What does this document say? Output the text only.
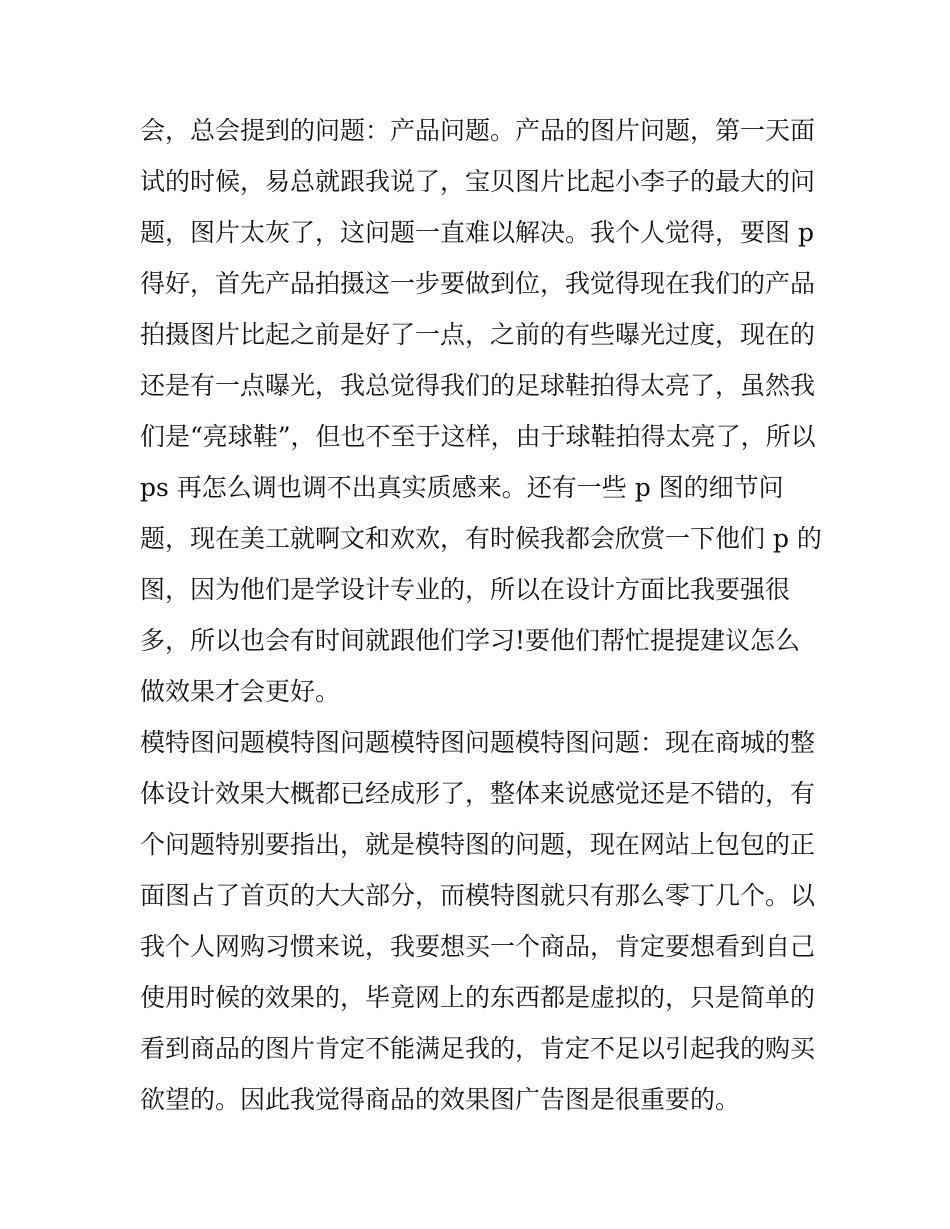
会，总会提到的问题：产品问题。产品的图片问题，第一天面
试的时候，易总就跟我说了，宝贝图片比起小李子的最大的问
题，图片太灰了，这问题一直难以解决。我个人觉得，要图 p
得好，首先产品拍摄这一步要做到位，我觉得现在我们的产品
拍摄图片比起之前是好了一点，之前的有些曝光过度，现在的
还是有一点曝光，我总觉得我们的足球鞋拍得太亮了，虽然我
们是“亮球鞋”，但也不至于这样，由于球鞋拍得太亮了，所以
ps 再怎么调也调不出真实质感来。还有一些 p 图的细节问
题，现在美工就啊文和欢欢，有时候我都会欣赏一下他们 p 的
图，因为他们是学设计专业的，所以在设计方面比我要强很
多，所以也会有时间就跟他们学习!要他们帮忙提提建议怎么
做效果才会更好。
模特图问题模特图问题模特图问题模特图问题：现在商城的整
体设计效果大概都已经成形了，整体来说感觉还是不错的，有
个问题特别要指出，就是模特图的问题，现在网站上包包的正
面图占了首页的大大部分，而模特图就只有那么零丁几个。以
我个人网购习惯来说，我要想买一个商品，肯定要想看到自己
使用时候的效果的，毕竟网上的东西都是虚拟的，只是简单的
看到商品的图片肯定不能满足我的，肯定不足以引起我的购买
欲望的。因此我觉得商品的效果图广告图是很重要的。
